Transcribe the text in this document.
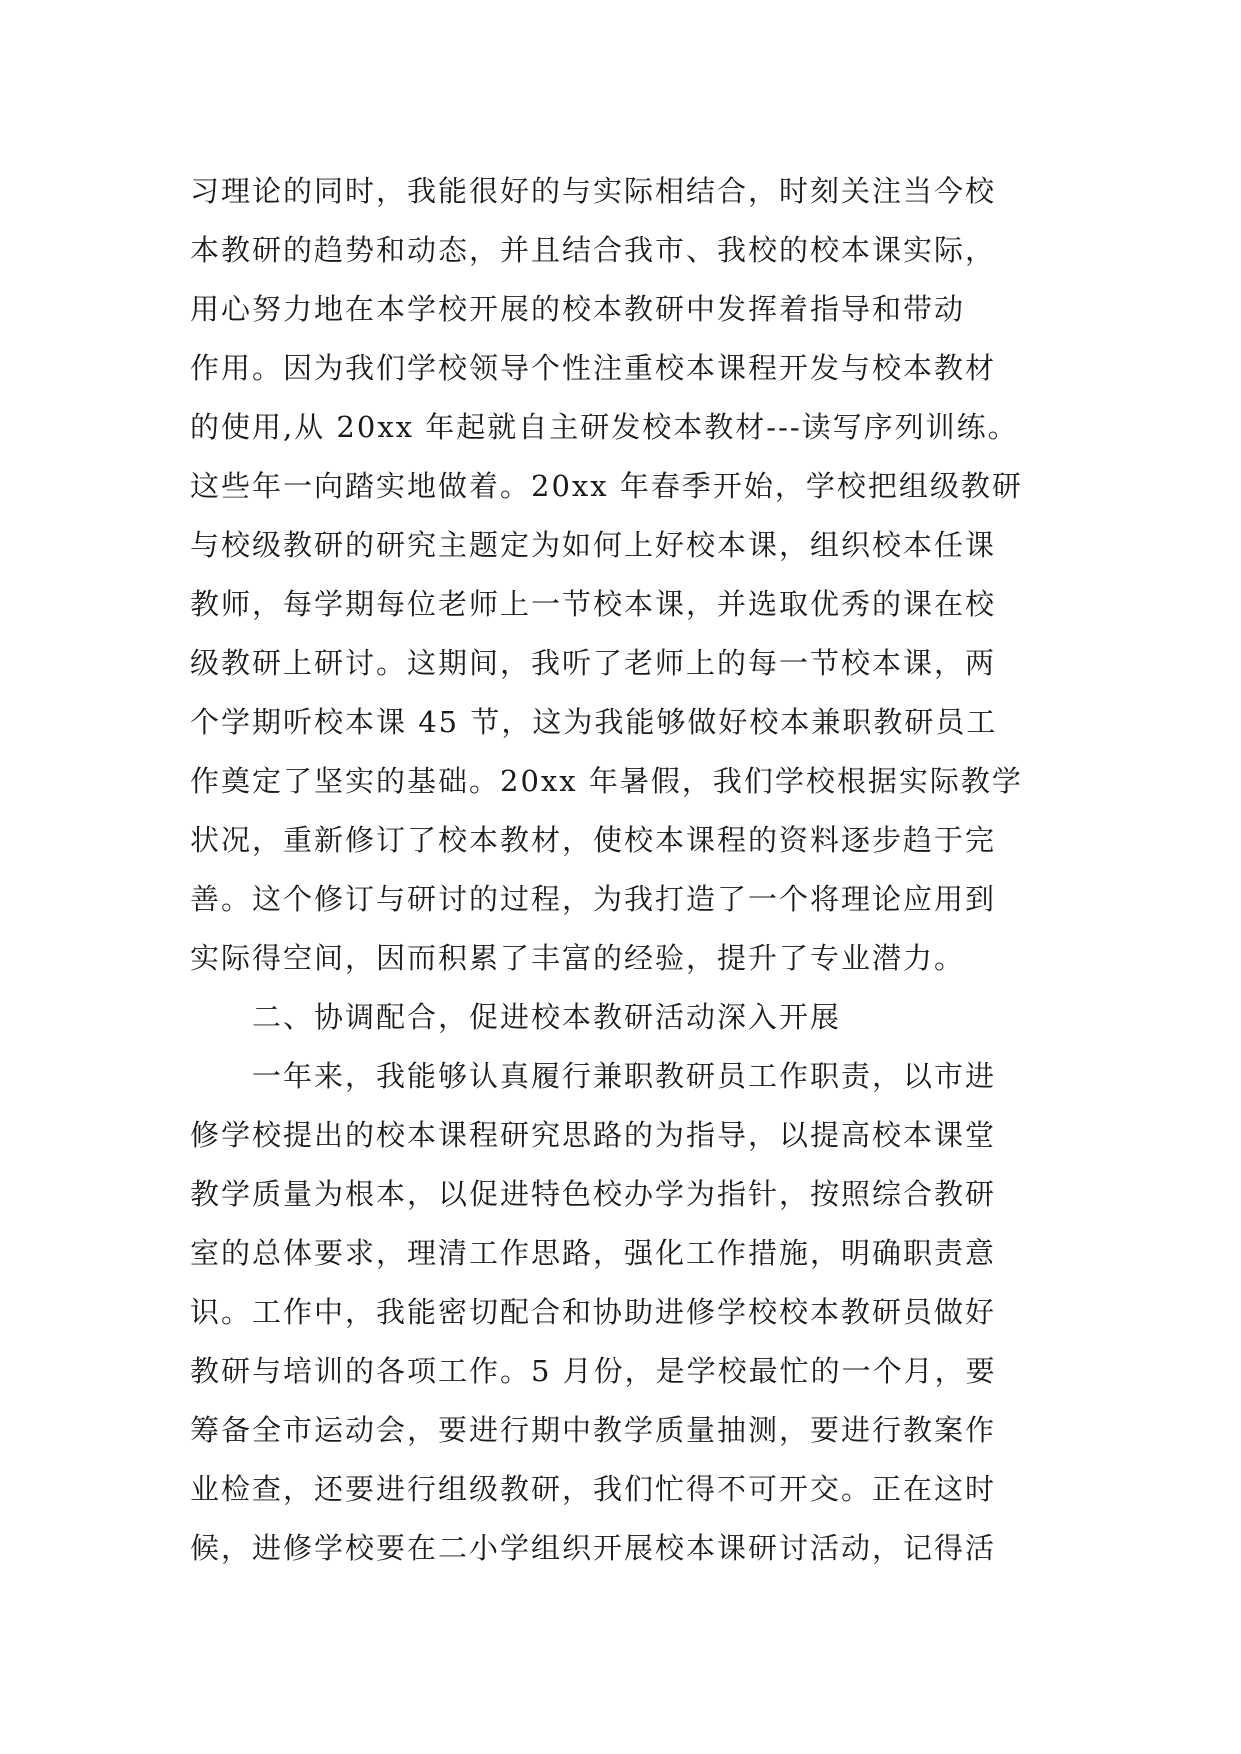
习理论的同时，我能很好的与实际相结合，时刻关注当今校
本教研的趋势和动态，并且结合我市、我校的校本课实际，
用心努力地在本学校开展的校本教研中发挥着指导和带动
作用。因为我们学校领导个性注重校本课程开发与校本教材
的使用,从 20xx 年起就自主研发校本教材---读写序列训练。
这些年一向踏实地做着。20xx 年春季开始，学校把组级教研
与校级教研的研究主题定为如何上好校本课，组织校本任课
教师，每学期每位老师上一节校本课，并选取优秀的课在校
级教研上研讨。这期间，我听了老师上的每一节校本课，两
个学期听校本课 45 节，这为我能够做好校本兼职教研员工
作奠定了坚实的基础。20xx 年暑假，我们学校根据实际教学
状况，重新修订了校本教材，使校本课程的资料逐步趋于完
善。这个修订与研讨的过程，为我打造了一个将理论应用到
实际得空间，因而积累了丰富的经验，提升了专业潜力。
二、协调配合，促进校本教研活动深入开展
一年来，我能够认真履行兼职教研员工作职责，以市进
修学校提出的校本课程研究思路的为指导，以提高校本课堂
教学质量为根本，以促进特色校办学为指针，按照综合教研
室的总体要求，理清工作思路，强化工作措施，明确职责意
识。工作中，我能密切配合和协助进修学校校本教研员做好
教研与培训的各项工作。5 月份，是学校最忙的一个月，要
筹备全市运动会，要进行期中教学质量抽测，要进行教案作
业检查，还要进行组级教研，我们忙得不可开交。正在这时
候，进修学校要在二小学组织开展校本课研讨活动，记得活
